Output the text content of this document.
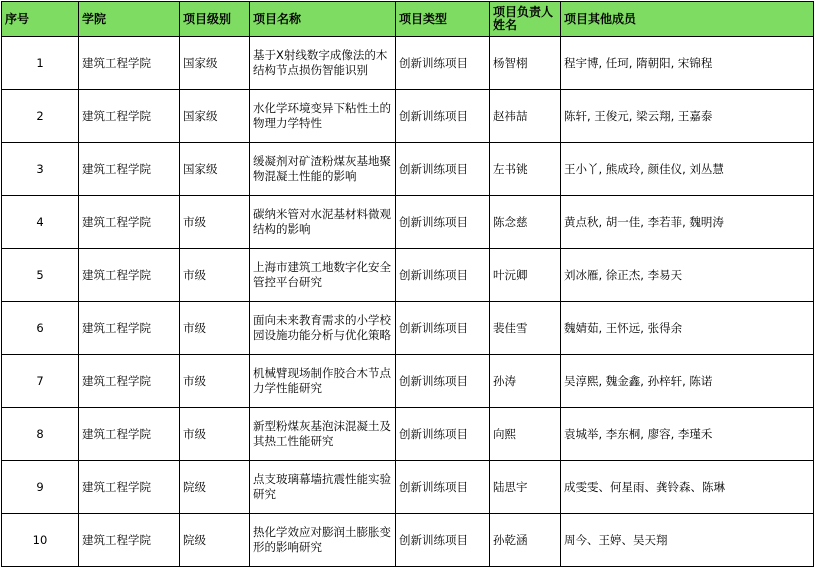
序号	学院	项目级别	项目名称	项目类型	项目负责人姓名	项目其他成员
1	建筑工程学院	国家级	基于X射线数字成像法的木结构节点损伤智能识别	创新训练项目	杨智栩	程宇博, 任珂, 隋朝阳, 宋锦程
2	建筑工程学院	国家级	水化学环境变异下粘性土的物理力学特性	创新训练项目	赵祎喆	陈轩, 王俊元, 梁云翔, 王嘉泰
3	建筑工程学院	国家级	缓凝剂对矿渣粉煤灰基地聚物混凝土性能的影响	创新训练项目	左书铫	王小丫, 熊成玲, 颜佳仪, 刘丛慧
4	建筑工程学院	市级	碳纳米管对水泥基材料微观结构的影响	创新训练项目	陈念慈	黄点秋, 胡一佳, 李若菲, 魏明涛
5	建筑工程学院	市级	上海市建筑工地数字化安全管控平台研究	创新训练项目	叶沅卿	刘冰雁, 徐正杰, 李易天
6	建筑工程学院	市级	面向未来教育需求的小学校园设施功能分析与优化策略	创新训练项目	裴佳雪	魏婧茹, 王怀远, 张得余
7	建筑工程学院	市级	机械臂现场制作胶合木节点力学性能研究	创新训练项目	孙涛	吴淳熙, 魏金鑫, 孙梓轩, 陈诺
8	建筑工程学院	市级	新型粉煤灰基泡沫混凝土及其热工性能研究	创新训练项目	向熙	袁城举, 李东桐, 廖容, 李瑾禾
9	建筑工程学院	院级	点支玻璃幕墙抗震性能实验研究	创新训练项目	陆思宇	成雯雯、何星雨、龚铃森、陈琳
10	建筑工程学院	院级	热化学效应对膨润土膨胀变形的影响研究	创新训练项目	孙乾涵	周今、王婷、吴天翔
